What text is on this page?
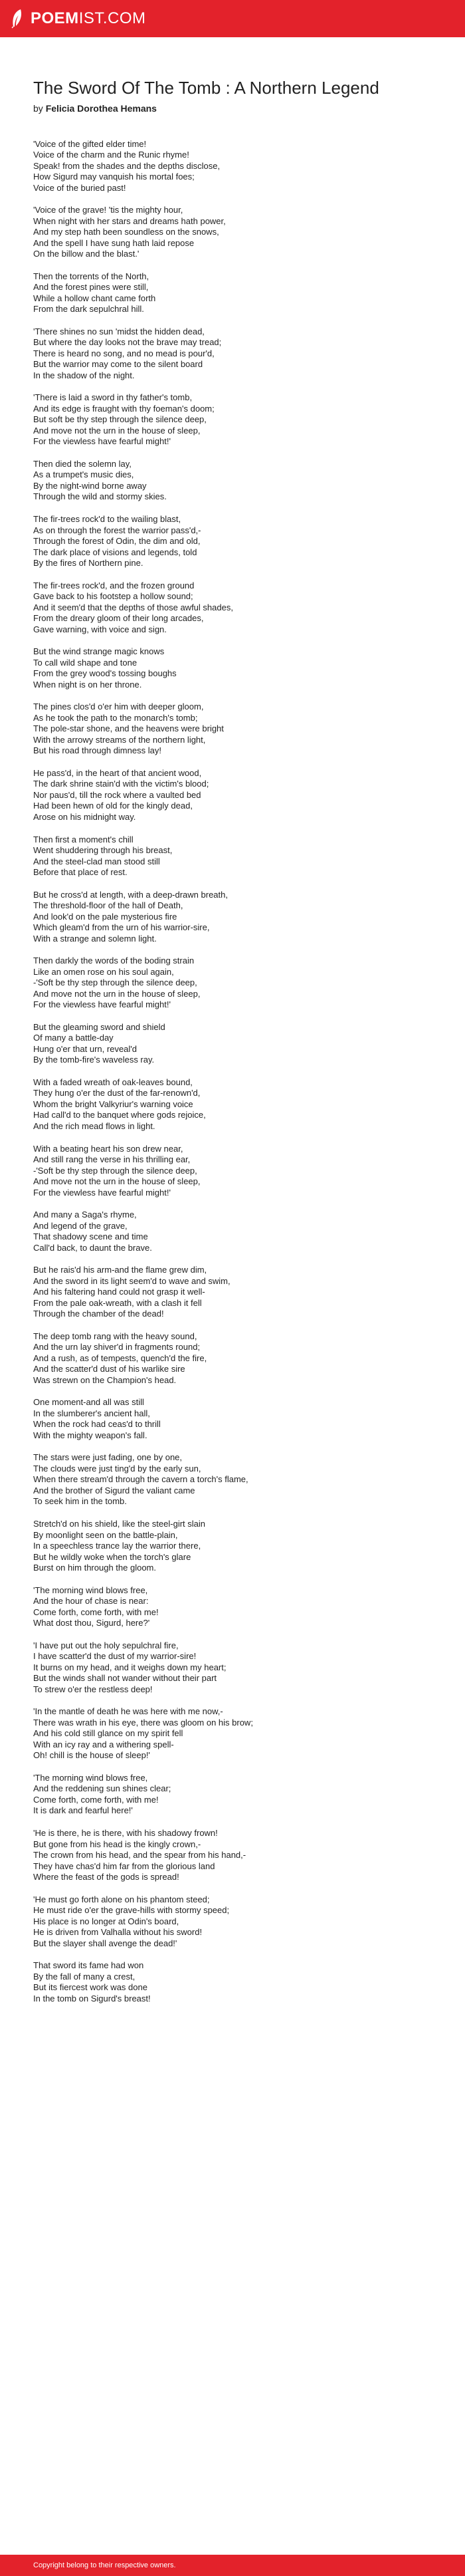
POEMIST.COM
The Sword Of The Tomb : A Northern Legend
by Felicia Dorothea Hemans
'Voice of the gifted elder time!
Voice of the charm and the Runic rhyme!
Speak! from the shades and the depths disclose,
How Sigurd may vanquish his mortal foes;
Voice of the buried past!
'Voice of the grave! 'tis the mighty hour,
When night with her stars and dreams hath power,
And my step hath been soundless on the snows,
And the spell I have sung hath laid repose
On the billow and the blast.'
Then the torrents of the North,
And the forest pines were still,
While a hollow chant came forth
From the dark sepulchral hill.
'There shines no sun 'midst the hidden dead,
But where the day looks not the brave may tread;
There is heard no song, and no mead is pour'd,
But the warrior may come to the silent board
In the shadow of the night.
'There is laid a sword in thy father's tomb,
And its edge is fraught with thy foeman's doom;
But soft be thy step through the silence deep,
And move not the urn in the house of sleep,
For the viewless have fearful might!'
Then died the solemn lay,
As a trumpet's music dies,
By the night-wind borne away
Through the wild and stormy skies.
The fir-trees rock'd to the wailing blast,
As on through the forest the warrior pass'd,-
Through the forest of Odin, the dim and old,
The dark place of visions and legends, told
By the fires of Northern pine.
The fir-trees rock'd, and the frozen ground
Gave back to his footstep a hollow sound;
And it seem'd that the depths of those awful shades,
From the dreary gloom of their long arcades,
Gave warning, with voice and sign.
But the wind strange magic knows
To call wild shape and tone
From the grey wood's tossing boughs
When night is on her throne.
The pines clos'd o'er him with deeper gloom,
As he took the path to the monarch's tomb;
The pole-star shone, and the heavens were bright
With the arrowy streams of the northern light,
But his road through dimness lay!
He pass'd, in the heart of that ancient wood,
The dark shrine stain'd with the victim's blood;
Nor paus'd, till the rock where a vaulted bed
Had been hewn of old for the kingly dead,
Arose on his midnight way.
Then first a moment's chill
Went shuddering through his breast,
And the steel-clad man stood still
Before that place of rest.
But he cross'd at length, with a deep-drawn breath,
The threshold-floor of the hall of Death,
And look'd on the pale mysterious fire
Which gleam'd from the urn of his warrior-sire,
With a strange and solemn light.
Then darkly the words of the boding strain
Like an omen rose on his soul again,
-'Soft be thy step through the silence deep,
And move not the urn in the house of sleep,
For the viewless have fearful might!'
But the gleaming sword and shield
Of many a battle-day
Hung o'er that urn, reveal'd
By the tomb-fire's waveless ray.
With a faded wreath of oak-leaves bound,
They hung o'er the dust of the far-renown'd,
Whom the bright Valkyriur's warning voice
Had call'd to the banquet where gods rejoice,
And the rich mead flows in light.
With a beating heart his son drew near,
And still rang the verse in his thrilling ear,
-'Soft be thy step through the silence deep,
And move not the urn in the house of sleep,
For the viewless have fearful might!'
And many a Saga's rhyme,
And legend of the grave,
That shadowy scene and time
Call'd back, to daunt the brave.
But he rais'd his arm-and the flame grew dim,
And the sword in its light seem'd to wave and swim,
And his faltering hand could not grasp it well-
From the pale oak-wreath, with a clash it fell
Through the chamber of the dead!
The deep tomb rang with the heavy sound,
And the urn lay shiver'd in fragments round;
And a rush, as of tempests, quench'd the fire,
And the scatter'd dust of his warlike sire
Was strewn on the Champion's head.
One moment-and all was still
In the slumberer's ancient hall,
When the rock had ceas'd to thrill
With the mighty weapon's fall.
The stars were just fading, one by one,
The clouds were just ting'd by the early sun,
When there stream'd through the cavern a torch's flame,
And the brother of Sigurd the valiant came
To seek him in the tomb.
Stretch'd on his shield, like the steel-girt slain
By moonlight seen on the battle-plain,
In a speechless trance lay the warrior there,
But he wildly woke when the torch's glare
Burst on him through the gloom.
'The morning wind blows free,
And the hour of chase is near:
Come forth, come forth, with me!
What dost thou, Sigurd, here?'
'I have put out the holy sepulchral fire,
I have scatter'd the dust of my warrior-sire!
It burns on my head, and it weighs down my heart;
But the winds shall not wander without their part
To strew o'er the restless deep!
'In the mantle of death he was here with me now,-
There was wrath in his eye, there was gloom on his brow;
And his cold still glance on my spirit fell
With an icy ray and a withering spell-
Oh! chill is the house of sleep!'
'The morning wind blows free,
And the reddening sun shines clear;
Come forth, come forth, with me!
It is dark and fearful here!'
'He is there, he is there, with his shadowy frown!
But gone from his head is the kingly crown,-
The crown from his head, and the spear from his hand,-
They have chas'd him far from the glorious land
Where the feast of the gods is spread!
'He must go forth alone on his phantom steed;
He must ride o'er the grave-hills with stormy speed;
His place is no longer at Odin's board,
He is driven from Valhalla without his sword!
But the slayer shall avenge the dead!'
That sword its fame had won
By the fall of many a crest,
But its fiercest work was done
In the tomb on Sigurd's breast!
Copyright belong to their respective owners.
